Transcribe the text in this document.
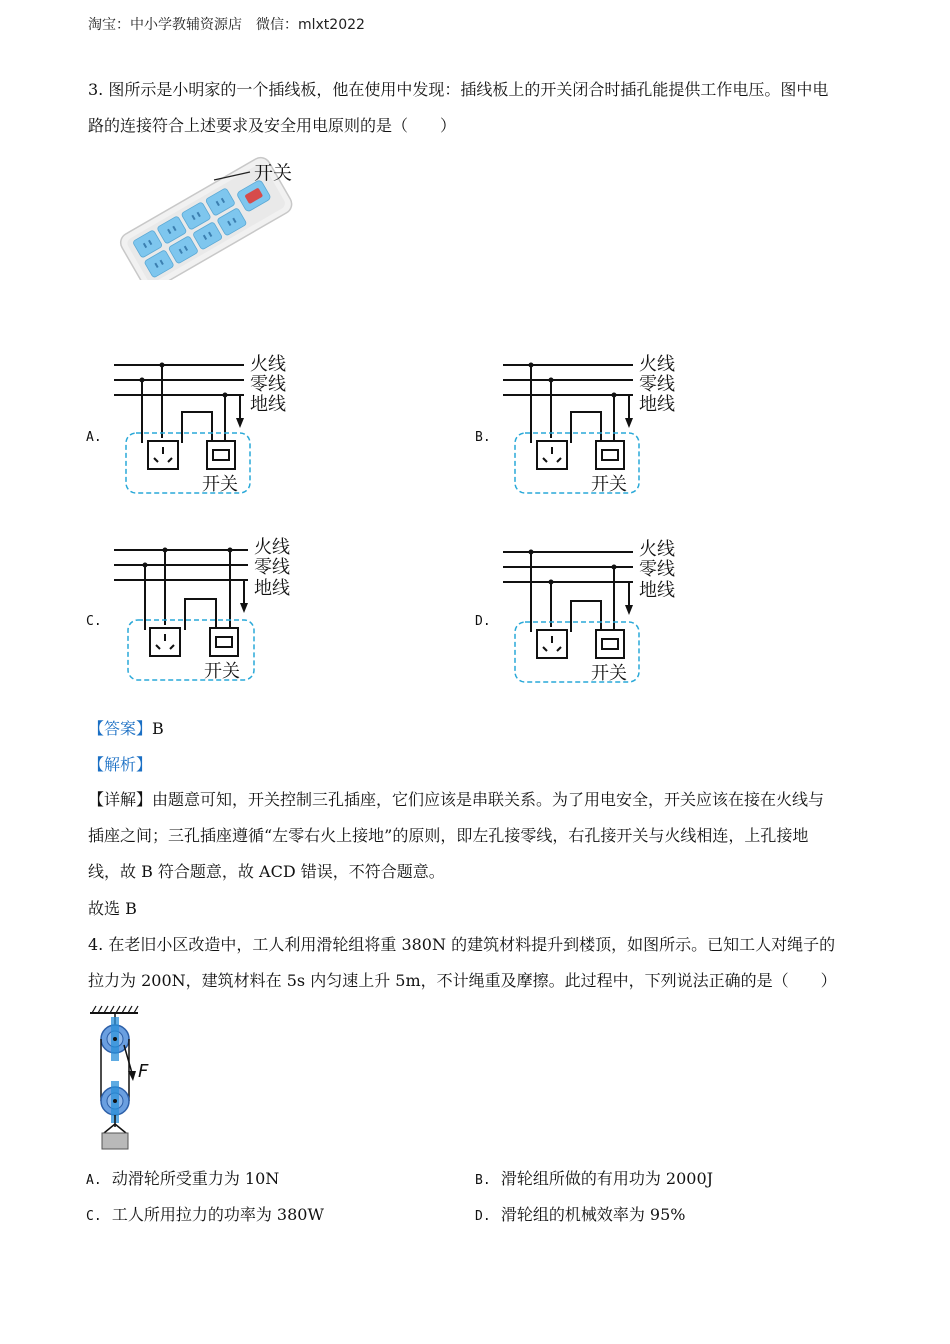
淘宝：中小学教辅资源店　微信：mlxt2022
3. 图所示是小明家的一个插线板，他在使用中发现：插线板上的开关闭合时插孔能提供工作电压。图中电
路的连接符合上述要求及安全用电原则的是（　　）
开关
A.	B.
C.	D.
火线
零线
地线
开关
火线
零线
地线
开关
火线
零线
地线
开关
火线
零线
地线
开关
【答案】B
【解析】
【详解】由题意可知，开关控制三孔插座，它们应该是串联关系。为了用电安全，开关应该在接在火线与
插座之间；三孔插座遵循“左零右火上接地”的原则，即左孔接零线，右孔接开关与火线相连，上孔接地
线，故 B 符合题意，故 ACD 错误，不符合题意。
故选 B
4. 在老旧小区改造中，工人利用滑轮组将重 380N 的建筑材料提升到楼顶，如图所示。已知工人对绳子的
拉力为 200N，建筑材料在 5s 内匀速上升 5m，不计绳重及摩擦。此过程中，下列说法正确的是（　　）
F
A. 动滑轮所受重力为 10N	B. 滑轮组所做的有用功为 2000J
C. 工人所用拉力的功率为 380W	D. 滑轮组的机械效率为 95%
